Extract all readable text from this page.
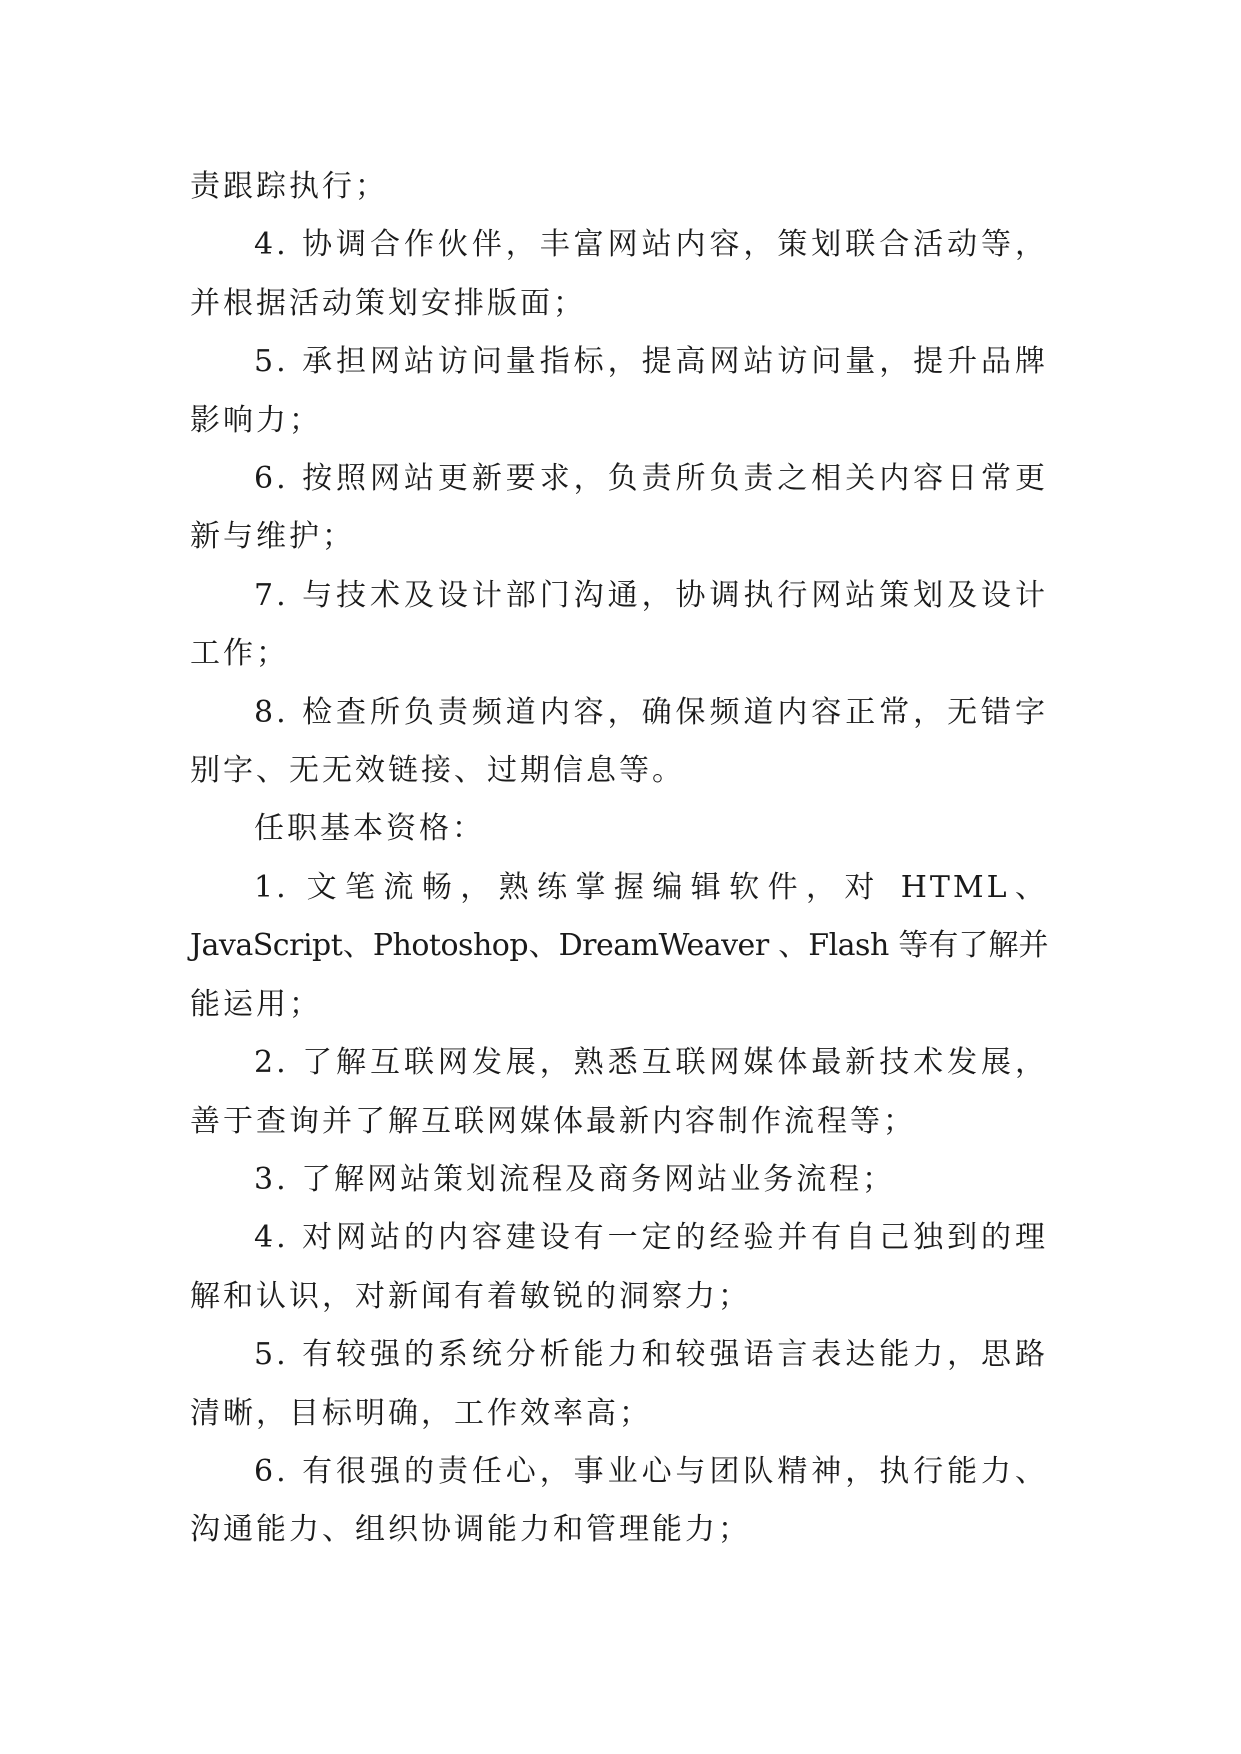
责跟踪执行；
4. 协调合作伙伴，丰富网站内容，策划联合活动等，
并根据活动策划安排版面；
5. 承担网站访问量指标，提高网站访问量，提升品牌
影响力；
6. 按照网站更新要求，负责所负责之相关内容日常更
新与维护；
7. 与技术及设计部门沟通，协调执行网站策划及设计
工作；
8. 检查所负责频道内容，确保频道内容正常，无错字
别字、无无效链接、过期信息等。
任职基本资格：
1. 文笔流畅，熟练掌握编辑软件，对 HTML、
JavaScript、Photoshop、DreamWeaver 、Flash 等有了解并
能运用；
2. 了解互联网发展，熟悉互联网媒体最新技术发展，
善于查询并了解互联网媒体最新内容制作流程等；
3. 了解网站策划流程及商务网站业务流程；
4. 对网站的内容建设有一定的经验并有自己独到的理
解和认识，对新闻有着敏锐的洞察力；
5. 有较强的系统分析能力和较强语言表达能力，思路
清晰，目标明确，工作效率高；
6. 有很强的责任心，事业心与团队精神，执行能力、
沟通能力、组织协调能力和管理能力；
